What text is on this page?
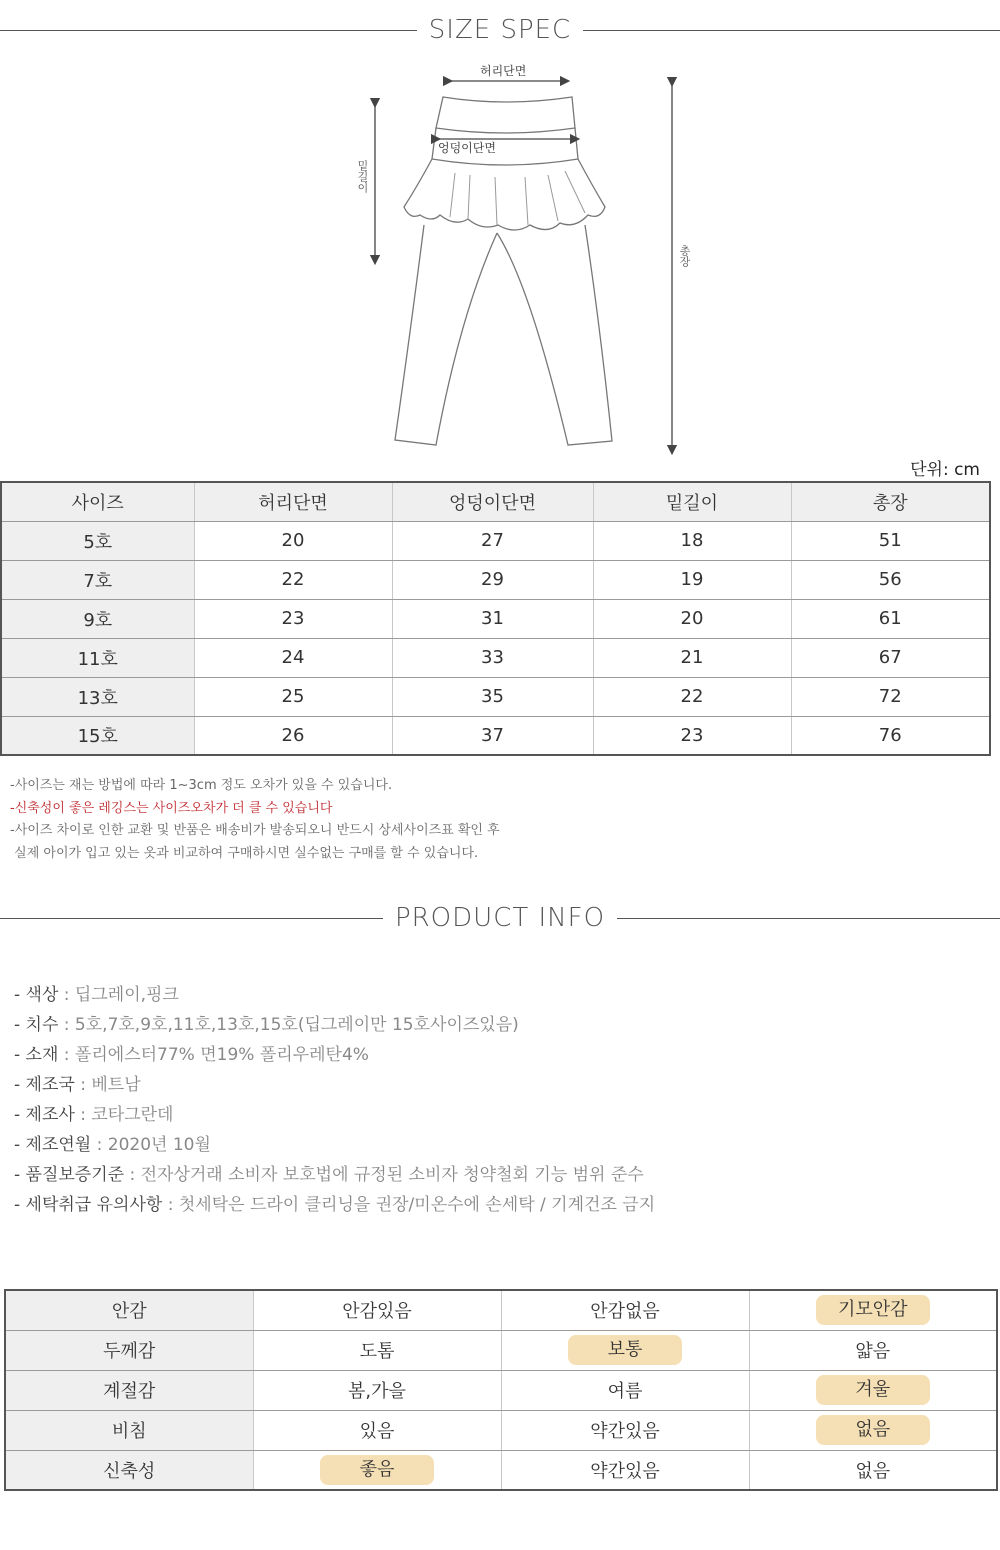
SIZE SPEC
허리단면
엉덩이단면
밑길이
총장
단위: cm
사이즈	허리단면	엉덩이단면	밑길이	총장
5호	20	27	18	51
7호	22	29	19	56
9호	23	31	20	61
11호	24	33	21	67
13호	25	35	22	72
15호	26	37	23	76
-사이즈는 재는 방법에 따라 1~3cm 정도 오차가 있을 수 있습니다.
-신축성이 좋은 레깅스는 사이즈오차가 더 클 수 있습니다
-사이즈 차이로 인한 교환 및 반품은 배송비가 발송되오니 반드시 상세사이즈표 확인 후
실제 아이가 입고 있는 옷과 비교하여 구매하시면 실수없는 구매를 할 수 있습니다.
PRODUCT INFO
- 색상 : 딥그레이,핑크
- 치수 : 5호,7호,9호,11호,13호,15호(딥그레이만 15호사이즈있음)
- 소재 : 폴리에스터77% 면19% 폴리우레탄4%
- 제조국 : 베트남
- 제조사 : 코타그란데
- 제조연월 : 2020년 10월
- 품질보증기준 : 전자상거래 소비자 보호법에 규정된 소비자 청약철회 기능 범위 준수
- 세탁취급 유의사항 : 첫세탁은 드라이 클리닝을 권장/미온수에 손세탁 / 기계건조 금지
안감	안감있음	안감없음	기모안감
두께감	도톰	보통	얇음
계절감	봄,가을	여름	겨울
비침	있음	약간있음	없음
신축성	좋음	약간있음	없음
